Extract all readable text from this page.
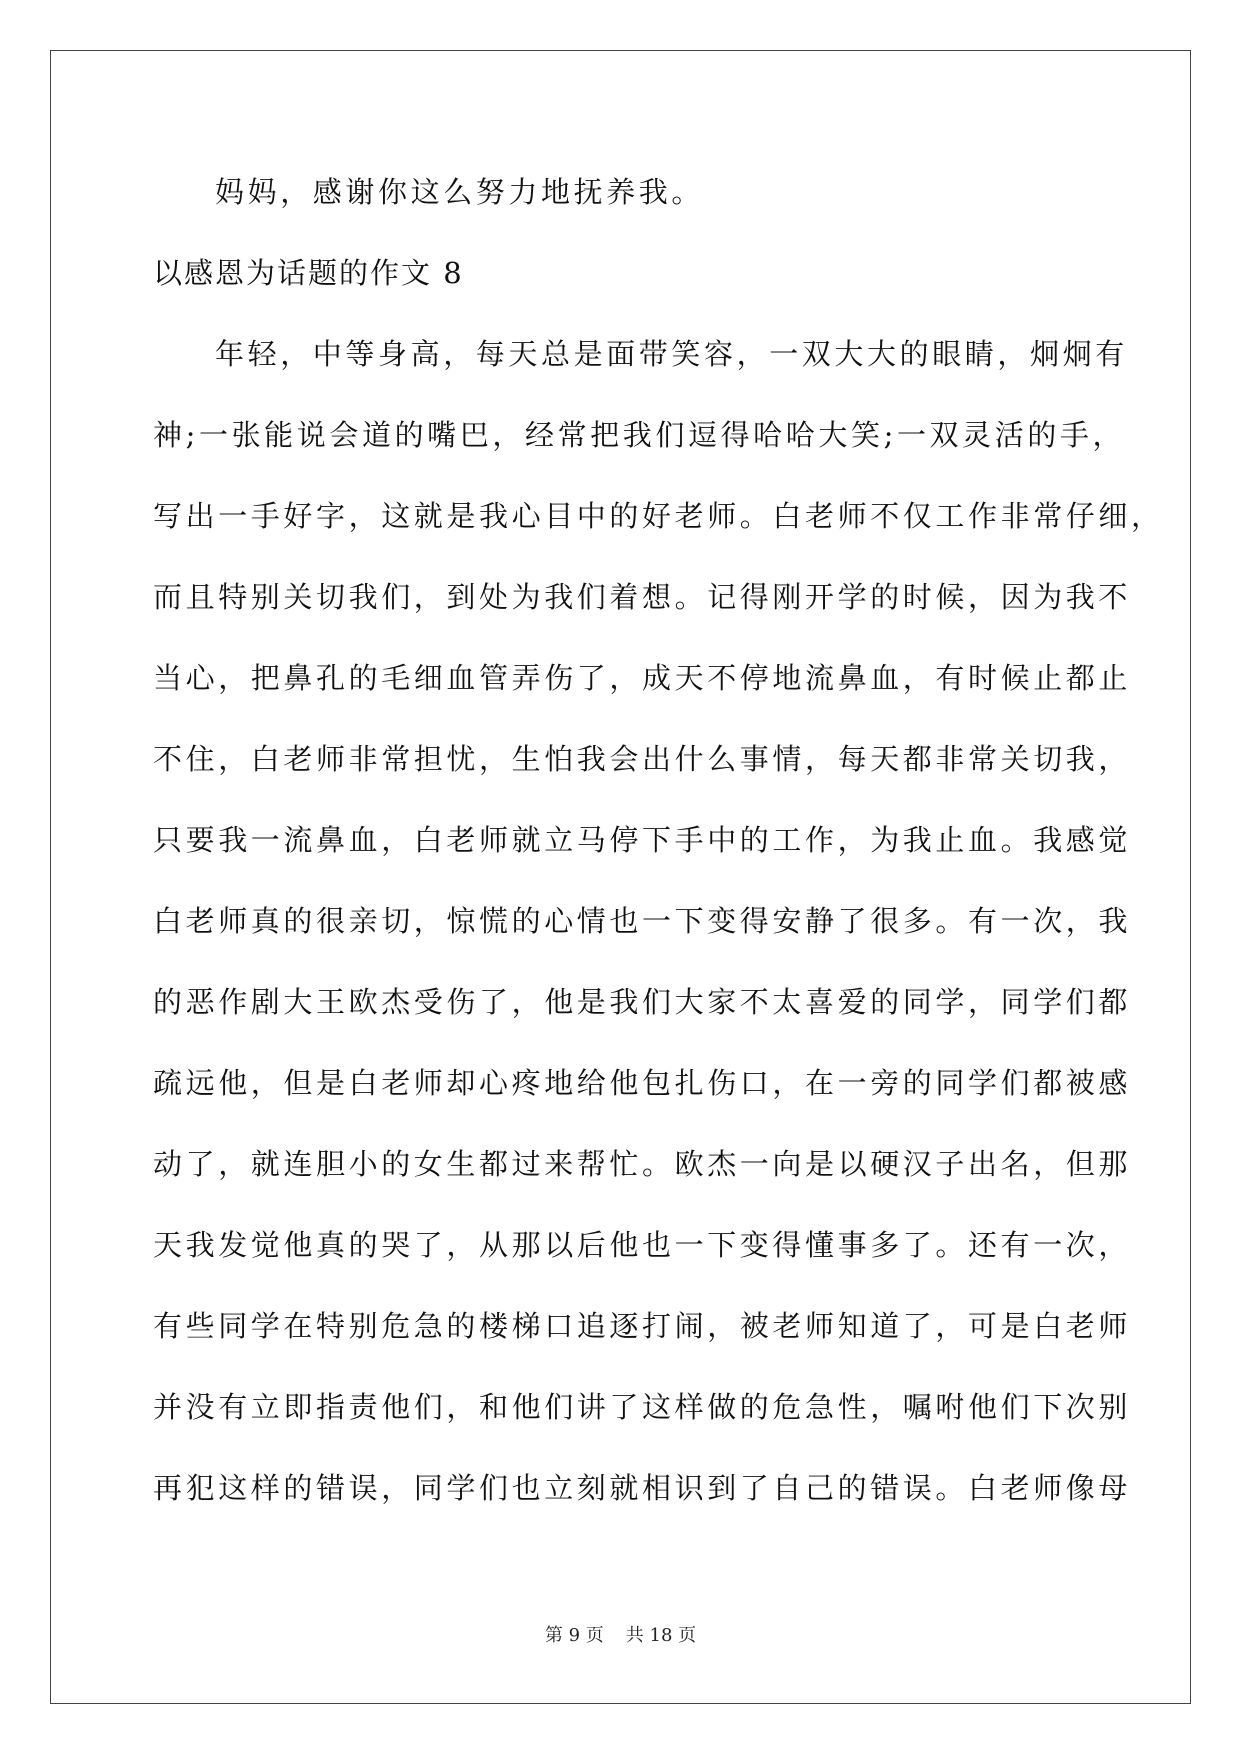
妈妈，感谢你这么努力地抚养我。
以感恩为话题的作文 8
年轻，中等身高，每天总是面带笑容，一双大大的眼睛，炯炯有
神;一张能说会道的嘴巴，经常把我们逗得哈哈大笑;一双灵活的手，
写出一手好字，这就是我心目中的好老师。白老师不仅工作非常仔细，
而且特别关切我们，到处为我们着想。记得刚开学的时候，因为我不
当心，把鼻孔的毛细血管弄伤了，成天不停地流鼻血，有时候止都止
不住，白老师非常担忧，生怕我会出什么事情，每天都非常关切我，
只要我一流鼻血，白老师就立马停下手中的工作，为我止血。我感觉
白老师真的很亲切，惊慌的心情也一下变得安静了很多。有一次，我
的恶作剧大王欧杰受伤了，他是我们大家不太喜爱的同学，同学们都
疏远他，但是白老师却心疼地给他包扎伤口，在一旁的同学们都被感
动了，就连胆小的女生都过来帮忙。欧杰一向是以硬汉子出名，但那
天我发觉他真的哭了，从那以后他也一下变得懂事多了。还有一次，
有些同学在特别危急的楼梯口追逐打闹，被老师知道了，可是白老师
并没有立即指责他们，和他们讲了这样做的危急性，嘱咐他们下次别
再犯这样的错误，同学们也立刻就相识到了自己的错误。白老师像母
第 9 页 共 18 页
